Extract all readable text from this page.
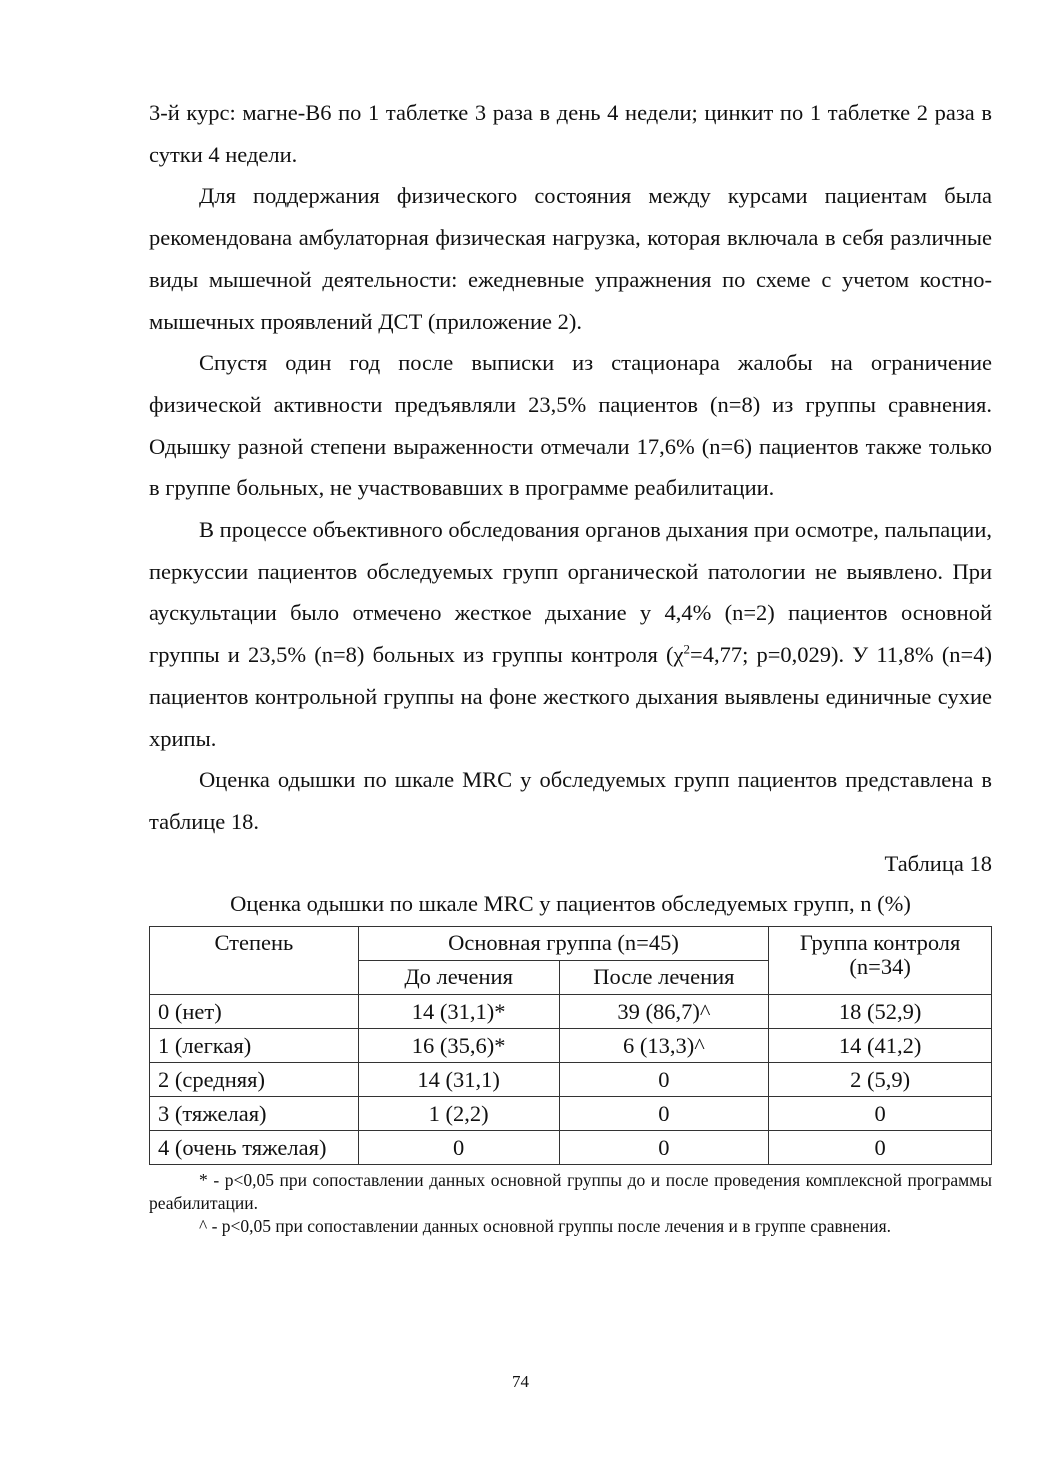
3-й курс: магне-B6 по 1 таблетке 3 раза в день 4 недели; цинкит по 1 таблетке 2 раза в сутки 4 недели.

Для поддержания физического состояния между курсами пациентам была рекомендована амбулаторная физическая нагрузка, которая включала в себя различные виды мышечной деятельности: ежедневные упражнения по схеме с учетом костно-мышечных проявлений ДСТ (приложение 2).

Спустя один год после выписки из стационара жалобы на ограничение физической активности предъявляли 23,5% пациентов (n=8) из группы сравнения. Одышку разной степени выраженности отмечали 17,6% (n=6) пациентов также только в группе больных, не участвовавших в программе реабилитации.

В процессе объективного обследования органов дыхания при осмотре, пальпации, перкуссии пациентов обследуемых групп органической патологии не выявлено. При аускультации было отмечено жесткое дыхание у 4,4% (n=2) пациентов основной группы и 23,5% (n=8) больных из группы контроля ($\chi^2=4,77$; p=0,029). У 11,8% (n=4) пациентов контрольной группы на фоне жесткого дыхания выявлены единичные сухие хрипы.

Оценка одышки по шкале MRC у обследуемых групп пациентов представлена в таблице 18.

Таблица 18

Оценка одышки по шкале MRC у пациентов обследуемых групп, n (%)

Степень	Основная группа (n=45)		Группа контроля
(n=34)
	До лечения	После лечения	
0 (нет)	14 (31,1)*	39 (86,7)^	18 (52,9)
1 (легкая)	16 (35,6)*	6 (13,3)^	14 (41,2)
2 (средняя)	14 (31,1)	0	2 (5,9)
3 (тяжелая)	1 (2,2)	0	0
4 (очень тяжелая)	0	0	0

* - p<0,05 при сопоставлении данных основной группы до и после проведения комплексной программы реабилитации.

^ - p<0,05 при сопоставлении данных основной группы после лечения и в группе сравнения.

74
